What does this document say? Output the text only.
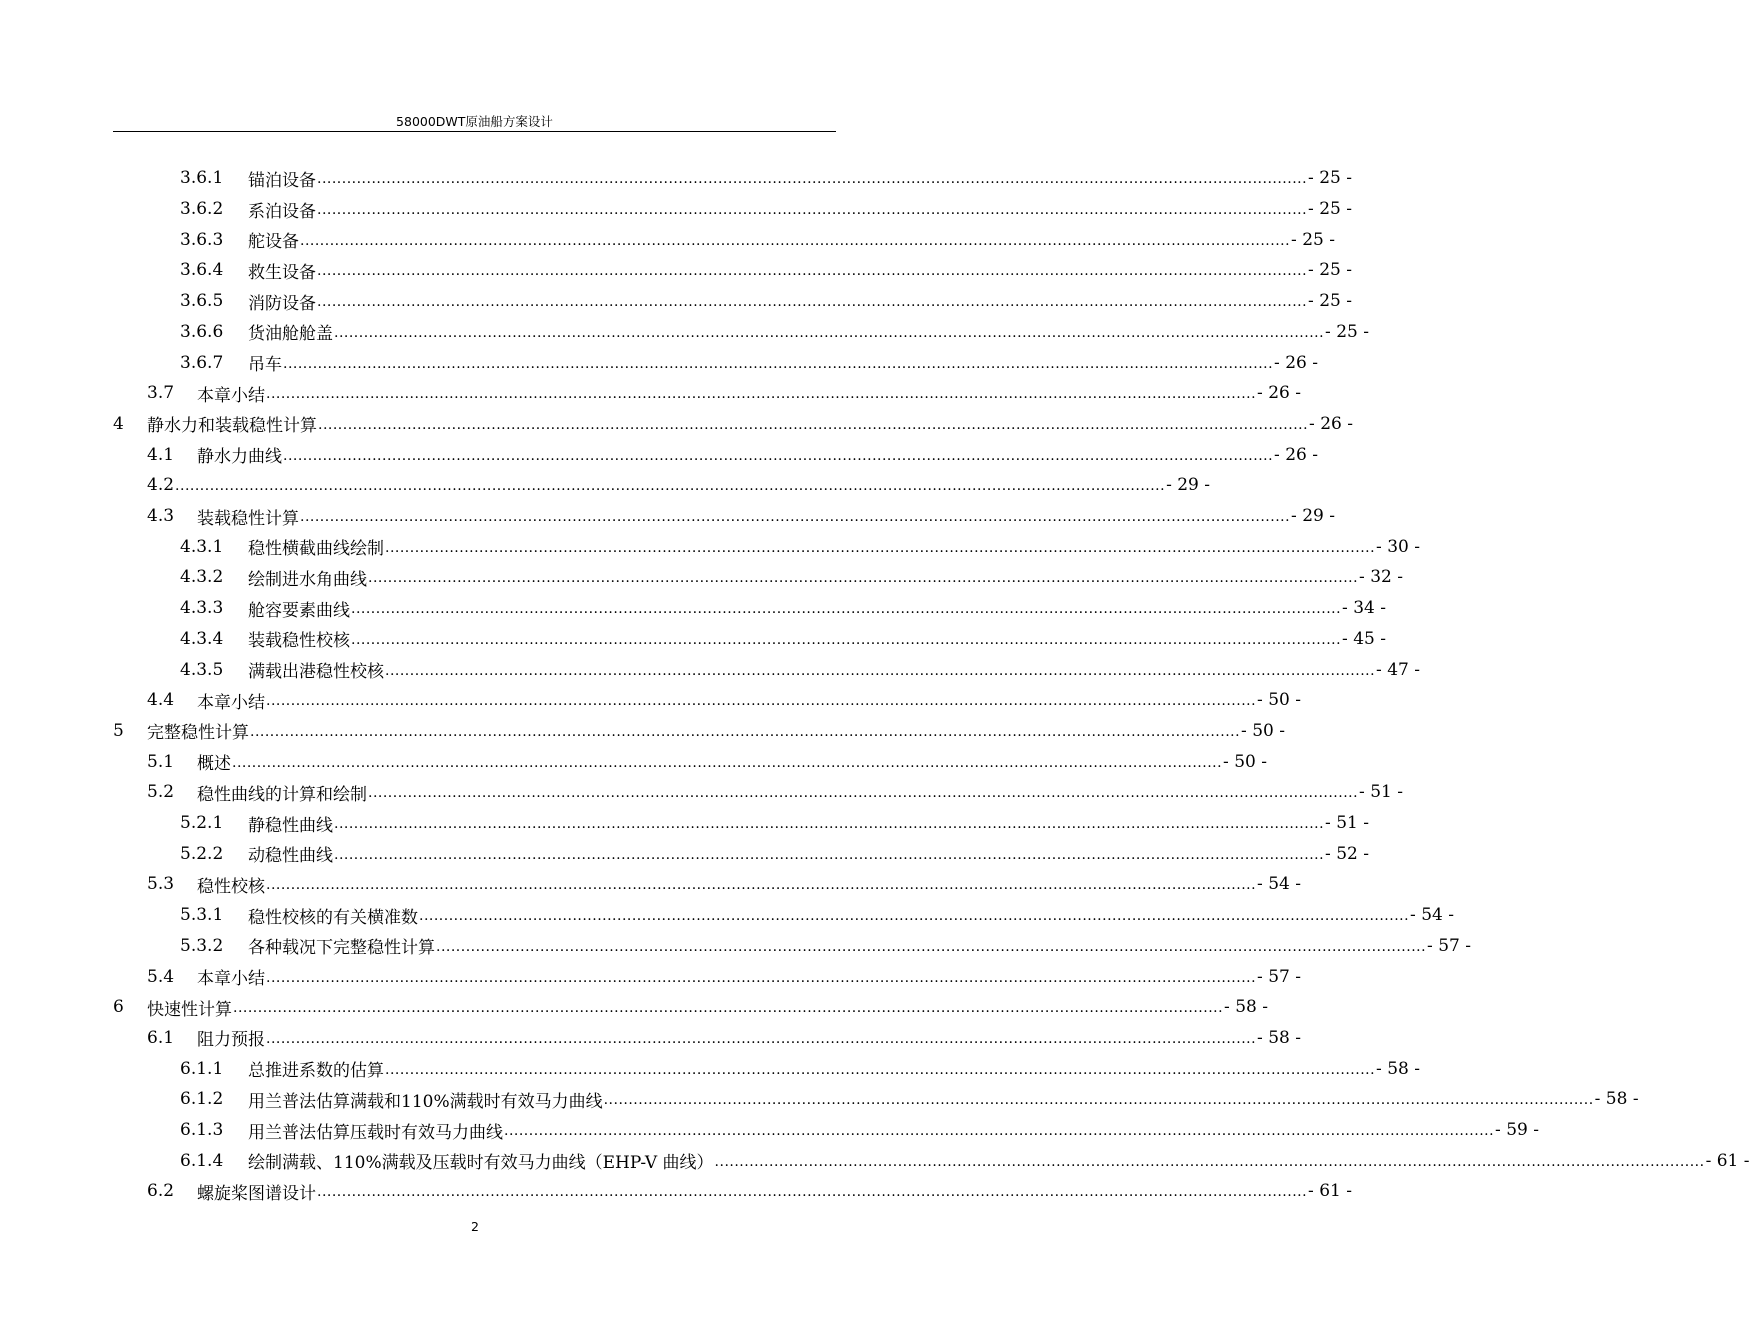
58000DWT原油船方案设计
3.6.1	锚泊设备 ........................................................................................................................................................................................................ - 25 -
3.6.2	系泊设备 ........................................................................................................................................................................................................ - 25 -
3.6.3	舵设备 ........................................................................................................................................................................................................ - 25 -
3.6.4	救生设备 ........................................................................................................................................................................................................ - 25 -
3.6.5	消防设备 ........................................................................................................................................................................................................ - 25 -
3.6.6	货油舱舱盖 ........................................................................................................................................................................................................ - 25 -
3.6.7	吊车 ........................................................................................................................................................................................................ - 26 -
3.7	本章小结 ........................................................................................................................................................................................................ - 26 -
4	静水力和装载稳性计算 ........................................................................................................................................................................................................ - 26 -
4.1	静水力曲线 ........................................................................................................................................................................................................ - 26 -
4.2 ........................................................................................................................................................................................................ - 29 -
4.3	装载稳性计算 ........................................................................................................................................................................................................ - 29 -
4.3.1	稳性横截曲线绘制 ........................................................................................................................................................................................................ - 30 -
4.3.2	绘制进水角曲线 ........................................................................................................................................................................................................ - 32 -
4.3.3	舱容要素曲线 ........................................................................................................................................................................................................ - 34 -
4.3.4	装载稳性校核 ........................................................................................................................................................................................................ - 45 -
4.3.5	满载出港稳性校核 ........................................................................................................................................................................................................ - 47 -
4.4	本章小结 ........................................................................................................................................................................................................ - 50 -
5	完整稳性计算 ........................................................................................................................................................................................................ - 50 -
5.1	概述 ........................................................................................................................................................................................................ - 50 -
5.2	稳性曲线的计算和绘制 ........................................................................................................................................................................................................ - 51 -
5.2.1	静稳性曲线 ........................................................................................................................................................................................................ - 51 -
5.2.2	动稳性曲线 ........................................................................................................................................................................................................ - 52 -
5.3	稳性校核 ........................................................................................................................................................................................................ - 54 -
5.3.1	稳性校核的有关横准数 ........................................................................................................................................................................................................ - 54 -
5.3.2	各种载况下完整稳性计算 ........................................................................................................................................................................................................ - 57 -
5.4	本章小结 ........................................................................................................................................................................................................ - 57 -
6	快速性计算 ........................................................................................................................................................................................................ - 58 -
6.1	阻力预报 ........................................................................................................................................................................................................ - 58 -
6.1.1	总推进系数的估算 ........................................................................................................................................................................................................ - 58 -
6.1.2	用兰普法估算满载和110%满载时有效马力曲线 ........................................................................................................................................................................................................ - 58 -
6.1.3	用兰普法估算压载时有效马力曲线 ........................................................................................................................................................................................................ - 59 -
6.1.4	绘制满载、110%满载及压载时有效马力曲线（EHP-V 曲线） ........................................................................................................................................................................................................ - 61 -
6.2	螺旋桨图谱设计 ........................................................................................................................................................................................................ - 61 -
2
